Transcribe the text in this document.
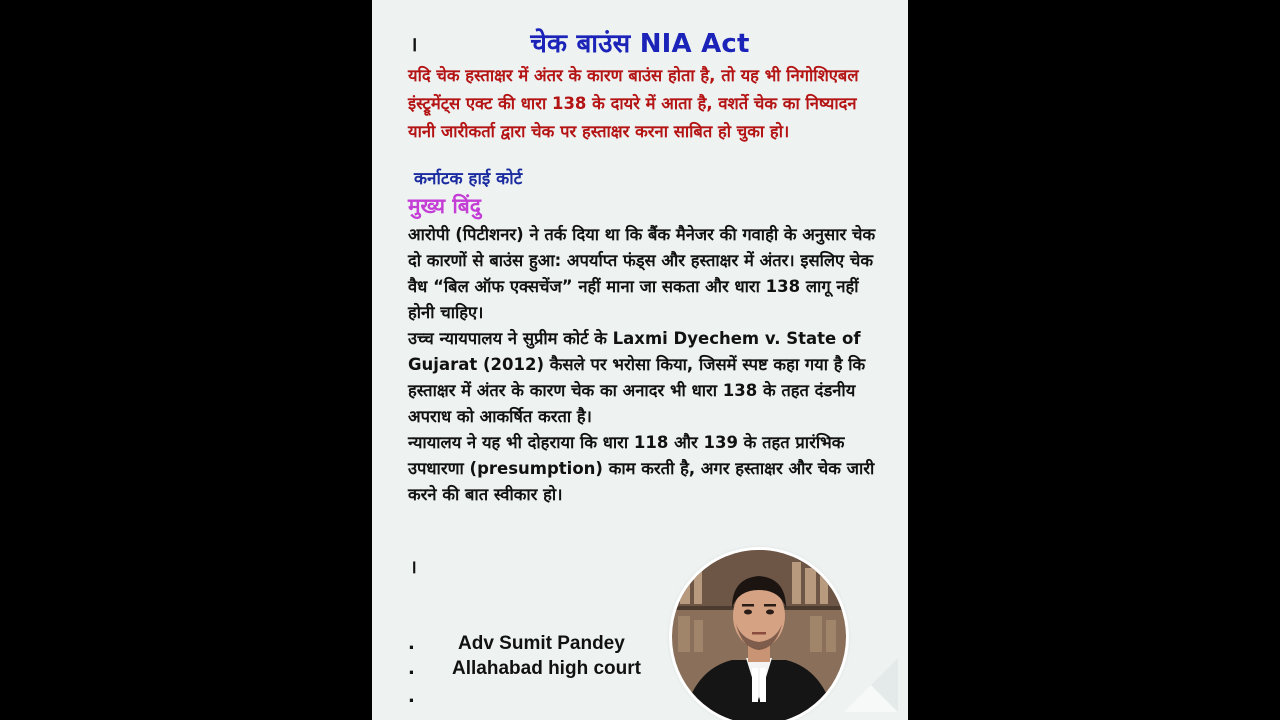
।	चेक बाउंस NIA Act
यदि चेक हस्ताक्षर में अंतर के कारण बाउंस होता है, तो यह भी निगोशिएबल इंस्ट्रूमेंट्स एक्ट की धारा 138 के दायरे में आता है, वशर्ते चेक का निष्यादन यानी जारीकर्ता द्वारा चेक पर हस्ताक्षर करना साबित हो चुका हो।
कर्नाटक हाई कोर्ट
मुख्य बिंदु

आरोपी (पिटीशनर) ने तर्क दिया था कि बैंक मैनेजर की गवाही के अनुसार चेक दो कारणों से बाउंस हुआ: अपर्याप्त फंड्स और हस्ताक्षर में अंतर। इसलिए चेक वैध “बिल ऑफ एक्सचेंज” नहीं माना जा सकता और धारा 138 लागू नहीं होनी चाहिए।

उच्च न्यायपालय ने सुप्रीम कोर्ट के Laxmi Dyechem v. State of Gujarat (2012) कैसले पर भरोसा किया, जिसमें स्पष्ट कहा गया है कि हस्ताक्षर में अंतर के कारण चेक का अनादर भी धारा 138 के तहत दंडनीय अपराध को आकर्षित करता है।

न्यायालय ने यह भी दोहराया कि धारा 118 और 139 के तहत प्रारंभिक उपधारणा (presumption) काम करती है, अगर हस्ताक्षर और चेक जारी करने की बात स्वीकार हो।

।
.
.
.
Adv Sumit Pandey
Allahabad high court
